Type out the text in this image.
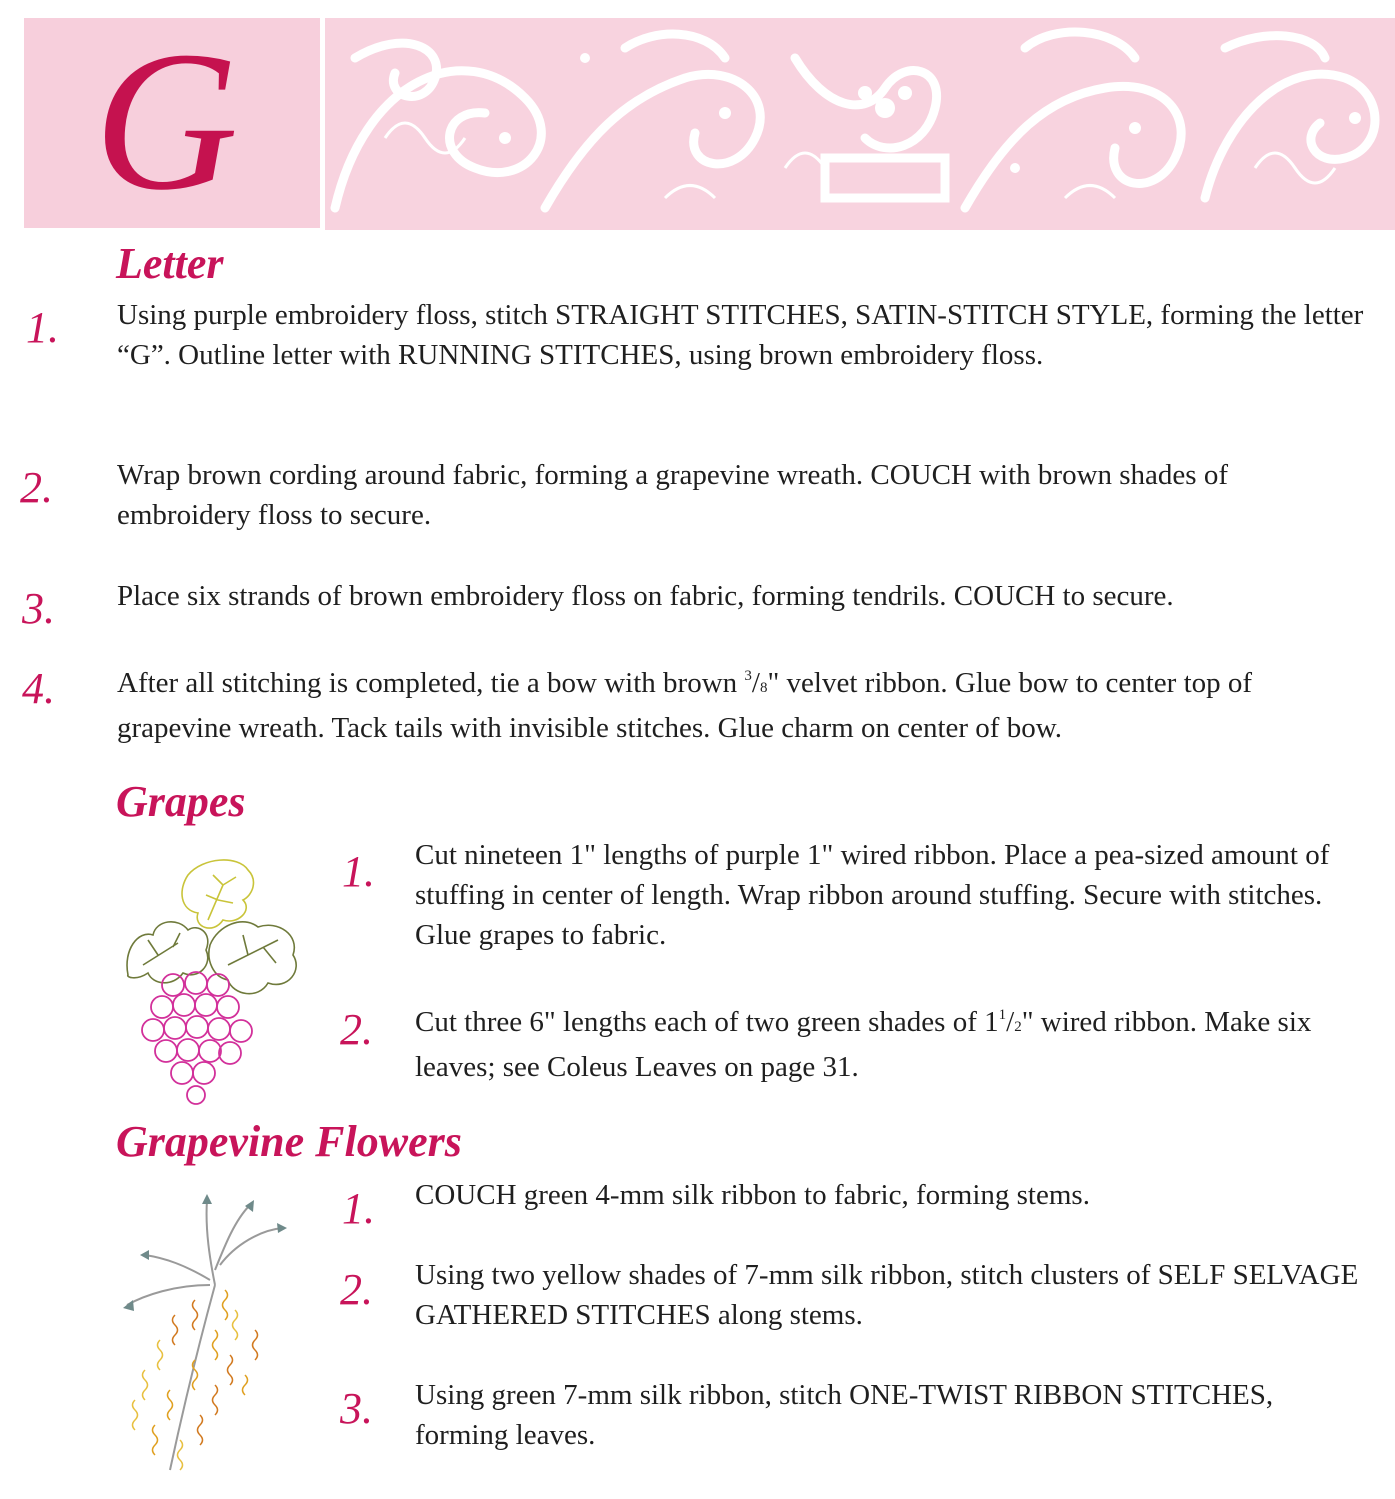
G
Letter
1. Using purple embroidery floss, stitch STRAIGHT STITCHES, SATIN-STITCH STYLE, forming the letter “G”. Outline letter with RUNNING STITCHES, using brown embroidery floss.

2. Wrap brown cording around fabric, forming a grapevine wreath. COUCH with brown shades of embroidery floss to secure.

3. Place six strands of brown embroidery floss on fabric, forming tendrils. COUCH to secure.

4. After all stitching is completed, tie a bow with brown $^3$/8" velvet ribbon. Glue bow to center top of grapevine wreath. Tack tails with invisible stitches. Glue charm on center of bow.

Grapes
1. Cut nineteen 1" lengths of purple 1" wired ribbon. Place a pea-sized amount of stuffing in center of length. Wrap ribbon around stuffing. Secure with stitches. Glue grapes to fabric.

2. Cut three 6" lengths each of two green shades of $1^1/2$" wired ribbon. Make six leaves; see Coleus Leaves on page 31.

Grapevine Flowers
1. COUCH green 4-mm silk ribbon to fabric, forming stems.

2. Using two yellow shades of 7-mm silk ribbon, stitch clusters of SELF SELVAGE GATHERED STITCHES along stems.

3. Using green 7-mm silk ribbon, stitch ONE-TWIST RIBBON STITCHES, forming leaves.
